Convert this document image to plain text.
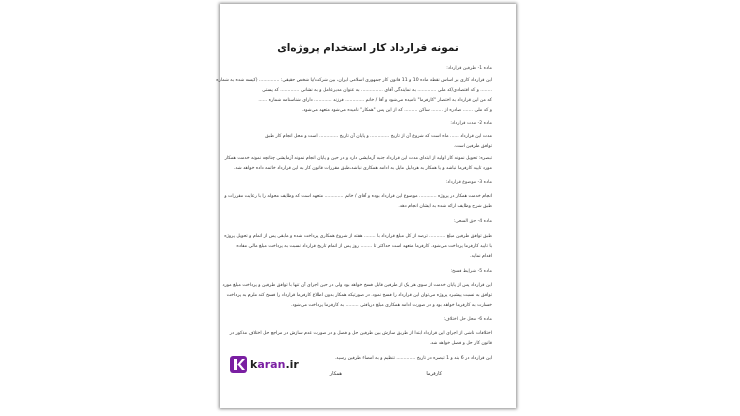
نمونه قرارداد کار استخدام پروژه‌ای
ماده 1- طرفین قرارداد:
این قرارداد کاری بر اساس نقطه ماده 10 و 11 قانون کار جمهوری اسلامی ایران، بین شرکت/یا شخص حقیقی: .............. (کیسه شده به شماره
........ و کد اقتصادی/کد ملی ............. به نمایندگی آقای ............... به عنوان مدیرعامل و به نشانی ............. کد پستی
که من این قرارداد به اختصار "کارفرما" نامیده می‌شود و آقا / خانم ............. فرزند ............ دارای شناسنامه شماره ......
و کد ملی ....... صادره از ........ ساکن ......... که از این پس "همکار" نامیده می‌شود متعهد می‌شود.
ماده 2- مدت قرارداد:
مدت این قرارداد ...... ماه است که شروع آن از تاریخ ............. و پایان آن تاریخ ............. است و محل انجام کار طبق
توافق طرفین است.
تبصره: تحویل نمونه کار اولیه از ابتدای مدت این قرارداد جنبه آزمایشی دارد و در حین و پایان انجام نمونه آزمایشی چنانچه نمونه خدمت همکار
مورد تایید کارفرما نباشد و یا همکار به هردلیل مایل به ادامه همکاری نباشد،طبق مقررات قانون کار به این قرارداد خاتمه داده خواهد شد.
ماده 3- موضوع قرارداد:
انجام خدمت همکار در پروژه ............ موضوع این قرارداد بوده و آقای / خانم ............. متعهد است که وظایف محوله را با رعایت مقررات و
طبق شرح وظایف ارائه شده به ایشان انجام دهد.
ماده 4- حق السعی:
طبق توافق طرفین مبلغ ........... ترصد از کل مبلغ قرارداد با ........ هفته از شروع همکاری پرداخت شده و مابقی پس از اتمام و تحویل پروژه
با تایید کارفرما پرداخت می‌شود. کارفرما متعهد است حداکثر تا ........ روز پس از اتمام تاریخ قرارداد نسبت به پرداخت مبلغ مالی مفاده
اقدام نماید.
ماده 5- شرایط فسخ:
این قرارداد پس از پایان خدمت از سوی هر یک از طرفین قابل فسخ خواهد بود ولی در حین اجرای آن تنها با توافق طرفین و پرداخت مبلغ مورد
توافق به نسبت پیشبرد پروژه می‌توان این قرارداد را فسخ نمود. در صورتیکه همکار بدون اطلاع کارفرما قرارداد را فسخ کند ملزم به پرداخت
خسارت به کارفرما خواهد بود و در صورت ادامه همکاری مبلغ دریافتی ......... به کارفرما پرداخت می‌شود.
ماده 6- محل حل اختلاف:
اختلافات ناشی از اجرای این قرارداد ابتدا از طریق سازش بین طرفین حل و فصل و در صورت عدم سازش در مراجع حل اختلاف مذکور در
قانون کار حل و فصل خواهد شد.
این قرارداد در 6 بند و 1 تبصره در تاریخ ............. تنظیم و به امضاء طرفین رسید.
کارفرما
همکار
karan.ir
